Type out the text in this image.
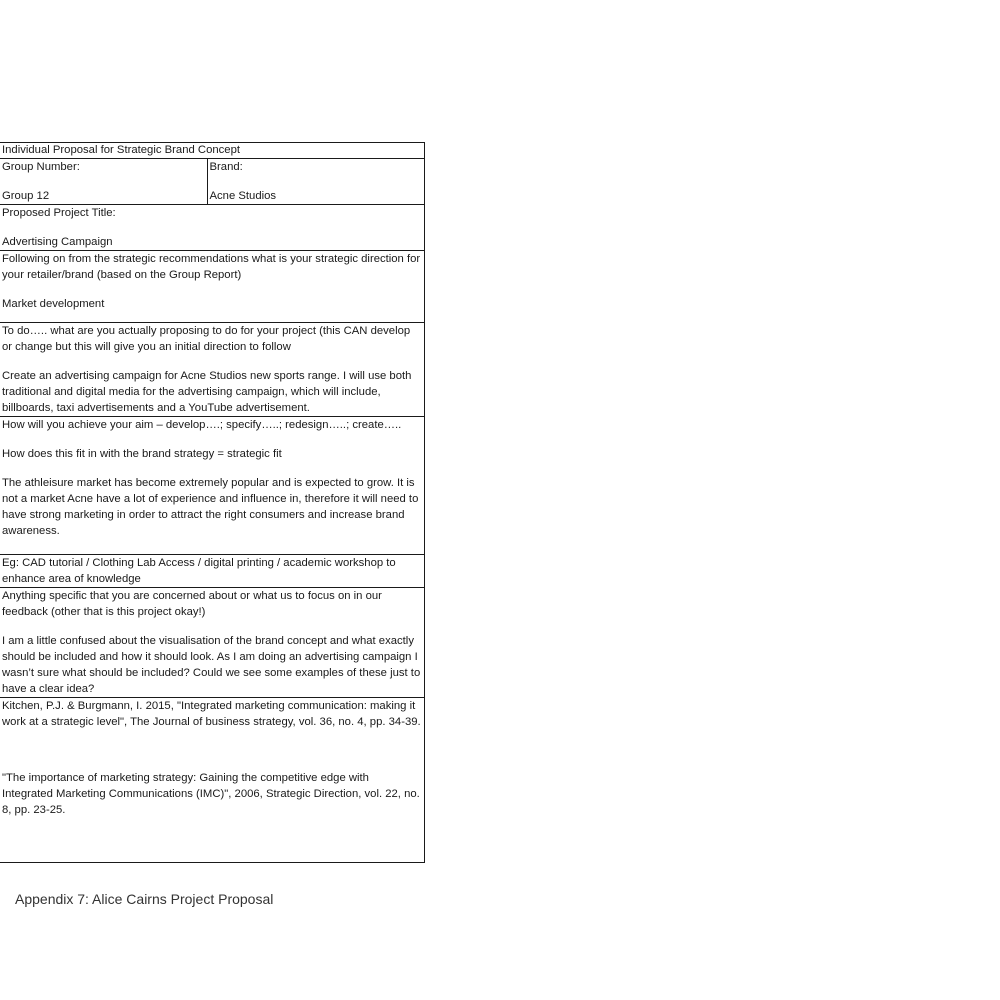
Individual Proposal for Strategic Brand Concept

Group Number:

Group 12

Brand:

Acne Studios

Proposed Project Title:

Advertising Campaign

Following on from the strategic recommendations what is your strategic direction for your retailer/brand (based on the Group Report)

Market development

To do….. what are you actually proposing to do for your project (this CAN develop or change but this will give you an initial direction to follow

Create an advertising campaign for Acne Studios new sports range. I will use both traditional and digital media for the advertising campaign, which will include, billboards, taxi advertisements and a YouTube advertisement.

How will you achieve your aim – develop….; specify…..; redesign…..; create…..

How does this fit in with the brand strategy = strategic fit

The athleisure market has become extremely popular and is expected to grow. It is not a market Acne have a lot of experience and influence in, therefore it will need to have strong marketing in order to attract the right consumers and increase brand awareness.

Eg: CAD tutorial / Clothing Lab Access / digital printing / academic workshop to enhance area of knowledge

Anything specific that you are concerned about or what us to focus on in our feedback (other that is this project okay!)

I am a little confused about the visualisation of the brand concept and what exactly should be included and how it should look. As I am doing an advertising campaign I wasn’t sure what should be included? Could we see some examples of these just to have a clear idea?

Kitchen, P.J. & Burgmann, I. 2015, "Integrated marketing communication: making it work at a strategic level", The Journal of business strategy, vol. 36, no. 4, pp. 34-39.

"The importance of marketing strategy: Gaining the competitive edge with Integrated Marketing Communications (IMC)", 2006, Strategic Direction, vol. 22, no. 8, pp. 23-25.

Appendix 7: Alice Cairns Project Proposal
